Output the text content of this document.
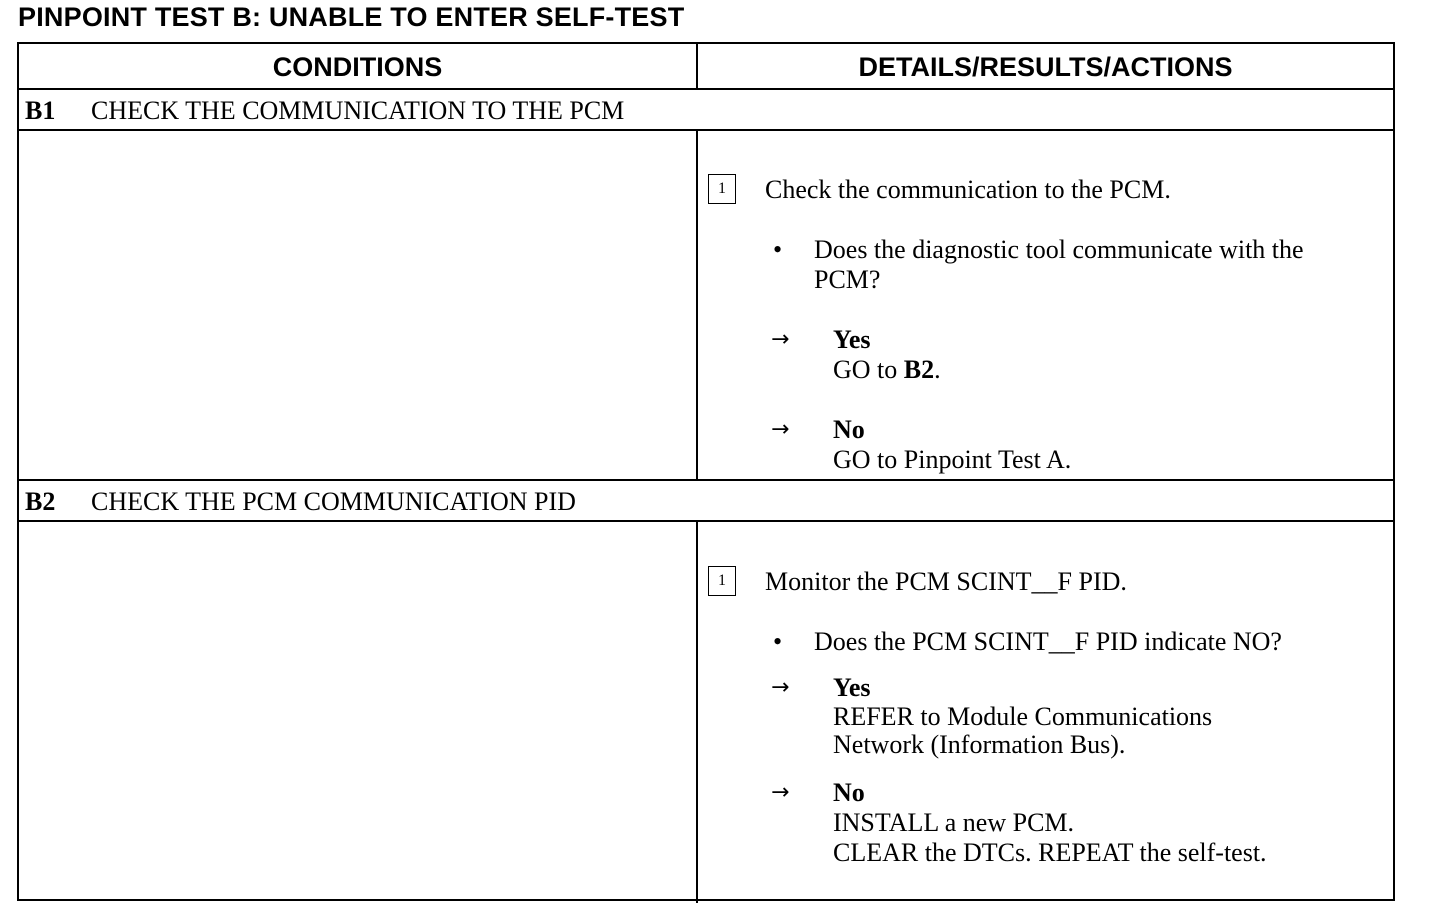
PINPOINT TEST B: UNABLE TO ENTER SELF-TEST
CONDITIONS	DETAILS/RESULTS/ACTIONS
B1 CHECK THE COMMUNICATION TO THE PCM
1	Check the communication to the PCM.
• Does the diagnostic tool communicate with the
PCM?
→ Yes
GO to B2.
→ No
GO to Pinpoint Test A.
B2 CHECK THE PCM COMMUNICATION PID
1	Monitor the PCM SCINT__F PID.
• Does the PCM SCINT__F PID indicate NO?
→ Yes
REFER to Module Communications
Network (Information Bus).
→ No
INSTALL a new PCM.
CLEAR the DTCs. REPEAT the self-test.
